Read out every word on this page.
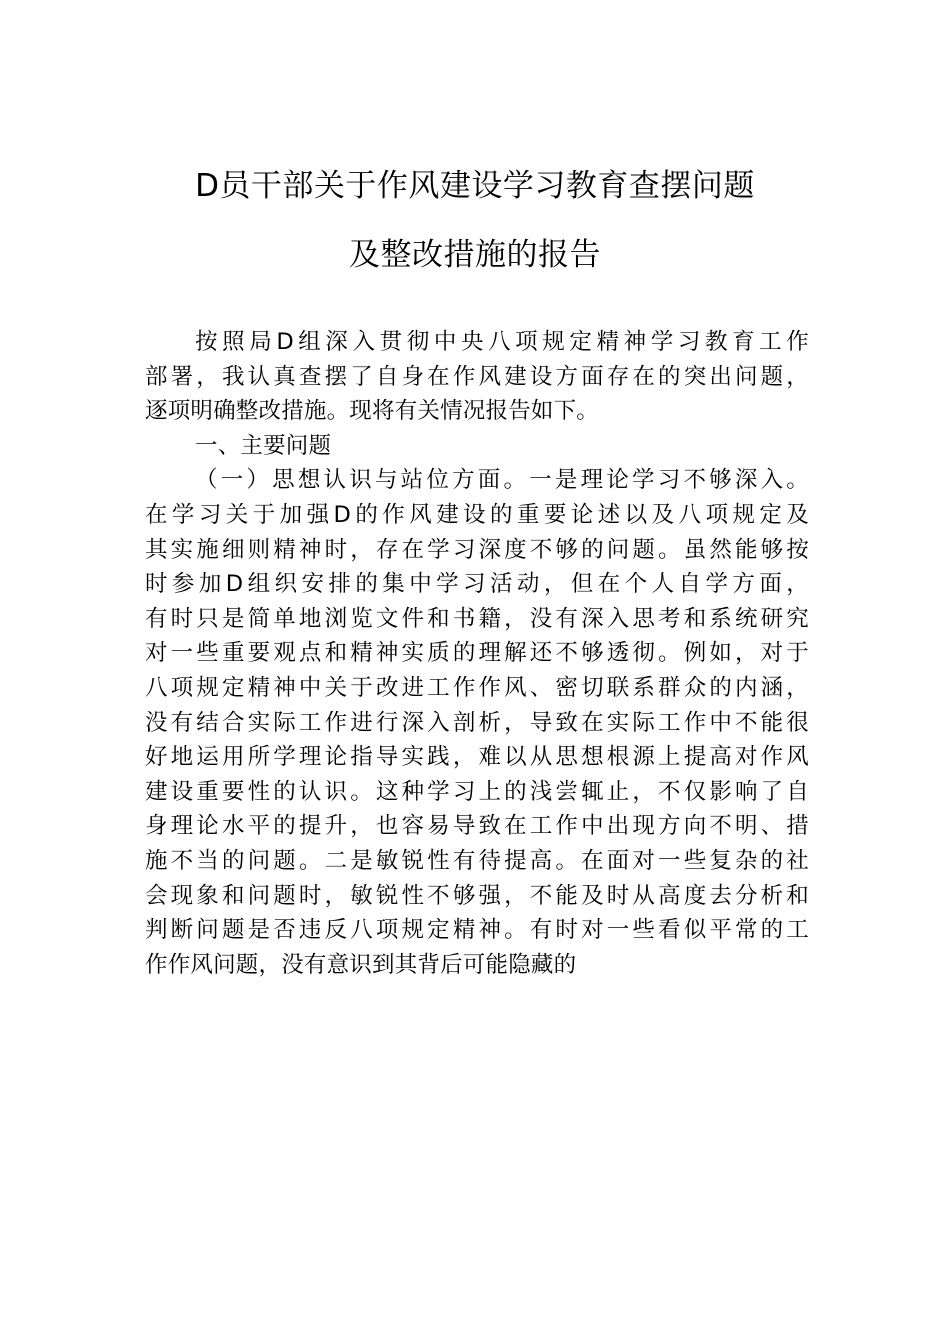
D员干部关于作风建设学习教育查摆问题
及整改措施的报告
按照局D组深入贯彻中央八项规定精神学习教育工作
部署，我认真查摆了自身在作风建设方面存在的突出问题，
逐项明确整改措施。现将有关情况报告如下。
一、主要问题
（一）思想认识与站位方面。一是理论学习不够深入。
在学习关于加强D的作风建设的重要论述以及八项规定及
其实施细则精神时，存在学习深度不够的问题。虽然能够按
时参加D组织安排的集中学习活动，但在个人自学方面，
有时只是简单地浏览文件和书籍，没有深入思考和系统研究
对一些重要观点和精神实质的理解还不够透彻。例如，对于
八项规定精神中关于改进工作作风、密切联系群众的内涵，
没有结合实际工作进行深入剖析，导致在实际工作中不能很
好地运用所学理论指导实践，难以从思想根源上提高对作风
建设重要性的认识。这种学习上的浅尝辄止，不仅影响了自
身理论水平的提升，也容易导致在工作中出现方向不明、措
施不当的问题。二是敏锐性有待提高。在面对一些复杂的社
会现象和问题时，敏锐性不够强，不能及时从高度去分析和
判断问题是否违反八项规定精神。有时对一些看似平常的工
作作风问题，没有意识到其背后可能隐藏的
